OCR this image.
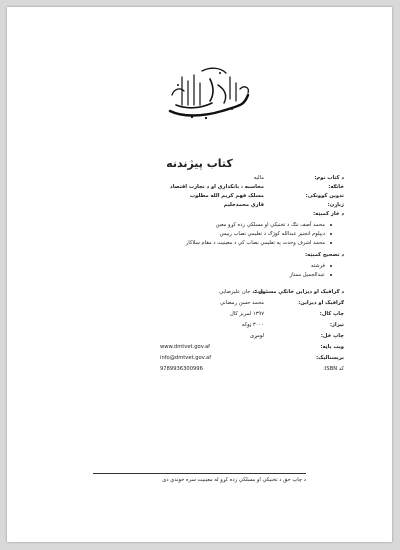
بسم الله الرحمن الرحيم
کتاب پیژندنه
د کتاب نوم:
مالیه
څانګه:
محاسبه ، بانکداري او د تجارت اقتصاد
تدوین کوونکی:
مسلک فهم کریم الله مطلوب
ژباړن:
قاري محمدحلیم
د څار کمېټه:
محمد آصف ننګ د تخنیکي او مسلکي زده کړو معین
دیپلوم انجنیر عبدالله کوژګ د تعلیمي نصاب رییس
محمد اشرف وحدت په تعلیمي نصاب کې د معینیت د مقام سلاکار
د تصحیح کمېټه:
فرشته
عبدالجمیل ممتاز
د ګرافیک او دیزاین څانګې مسئول :
محمّد جان علیرضایي
ګرافیک او دیزاین:
محمد حسن رمضاني
چاپ کال:
۱۳۹۷ لمریز کال
تیراژ:
۳۰۰۰ ټوکه
چاپ ځل:
لومړی
وېب پاڼه:
www.dmtvet.gov.af
برېښناليک:
info@dmtvet.gov.af
کد ISBN:
9789936300996
د چاپ حق د تخنیکي او مسلکي زده کړو له معینیت سره خوندي دی
